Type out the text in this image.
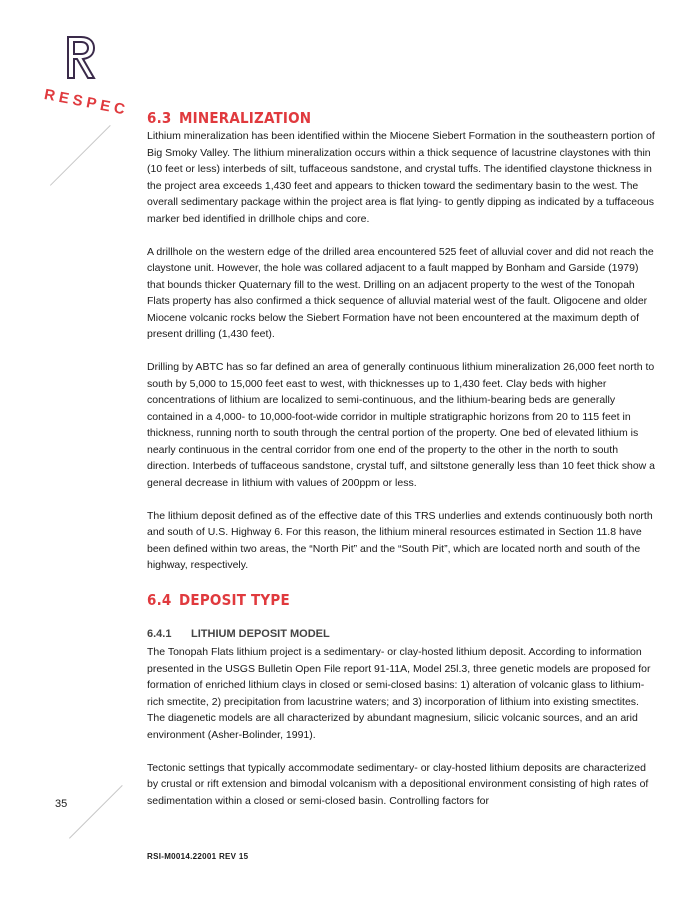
RESPEC 6.3 MINERALIZATION

Lithium mineralization has been identified within the Miocene Siebert Formation in the southeastern portion of Big Smoky Valley. The lithium mineralization occurs within a thick sequence of lacustrine claystones with thin (10 feet or less) interbeds of silt, tuffaceous sandstone, and crystal tuffs. The identified claystone thickness in the project area exceeds 1,430 feet and appears to thicken toward the sedimentary basin to the west. The overall sedimentary package within the project area is flat lying- to gently dipping as indicated by a tuffaceous marker bed identified in drillhole chips and core.

A drillhole on the western edge of the drilled area encountered 525 feet of alluvial cover and did not reach the claystone unit. However, the hole was collared adjacent to a fault mapped by Bonham and Garside (1979) that bounds thicker Quaternary fill to the west. Drilling on an adjacent property to the west of the Tonopah Flats property has also confirmed a thick sequence of alluvial material west of the fault. Oligocene and older Miocene volcanic rocks below the Siebert Formation have not been encountered at the maximum depth of present drilling (1,430 feet).

Drilling by ABTC has so far defined an area of generally continuous lithium mineralization 26,000 feet north to south by 5,000 to 15,000 feet east to west, with thicknesses up to 1,430 feet. Clay beds with higher concentrations of lithium are localized to semi-continuous, and the lithium-bearing beds are generally contained in a 4,000- to 10,000-foot-wide corridor in multiple stratigraphic horizons from 20 to 115 feet in thickness, running north to south through the central portion of the property. One bed of elevated lithium is nearly continuous in the central corridor from one end of the property to the other in the north to south direction. Interbeds of tuffaceous sandstone, crystal tuff, and siltstone generally less than 10 feet thick show a general decrease in lithium with values of 200ppm or less.

The lithium deposit defined as of the effective date of this TRS underlies and extends continuously both north and south of U.S. Highway 6. For this reason, the lithium mineral resources estimated in Section 11.8 have been defined within two areas, the “North Pit” and the “South Pit”, which are located north and south of the highway, respectively.

6.4 DEPOSIT TYPE
6.4.1 LITHIUM DEPOSIT MODEL

The Tonopah Flats lithium project is a sedimentary- or clay-hosted lithium deposit. According to information presented in the USGS Bulletin Open File report 91-11A, Model 25l.3, three genetic models are proposed for formation of enriched lithium clays in closed or semi-closed basins: 1) alteration of volcanic glass to lithium-rich smectite, 2) precipitation from lacustrine waters; and 3) incorporation of lithium into existing smectites. The diagenetic models are all characterized by abundant magnesium, silicic volcanic sources, and an arid environment (Asher-Bolinder, 1991).

Tectonic settings that typically accommodate sedimentary- or clay-hosted lithium deposits are characterized by crustal or rift extension and bimodal volcanism with a depositional environment consisting of high rates of sedimentation within a closed or semi-closed basin. Controlling factors for

35
RSI-M0014.22001 REV 15
